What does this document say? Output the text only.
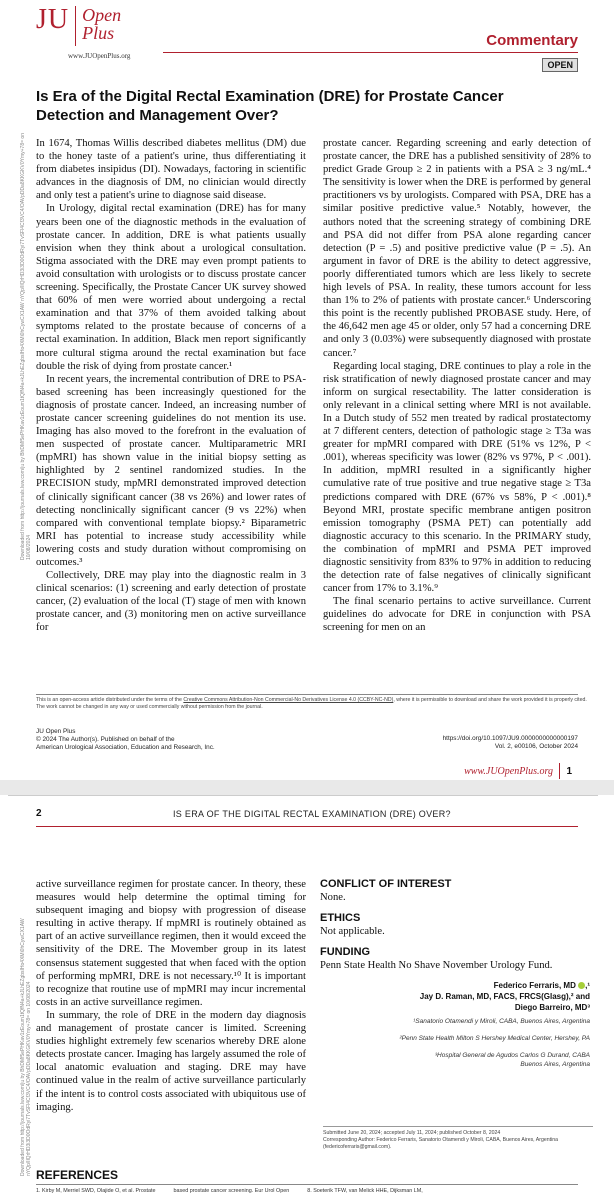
Downloaded from http://journals.lww.com/ju by BhDMf5ePHKav1zEoum1tQfN4a+kJLhEZgbsIHo4XMi0hCywCX1AW nYQp/IlQrHD3i3D0OdRyi7TvSFl4Cf3VC4/OAVpDDa8KKGKV0Ymy+78= on 10/08/2024
JU Open
Plus
www.JUOpenPlus.org
Commentary
OPEN
Is Era of the Digital Rectal Examination (DRE) for Prostate Cancer Detection and Management Over?

In 1674, Thomas Willis described diabetes mellitus (DM) due to the honey taste of a patient's urine, thus differentiating it from diabetes insipidus (DI). Nowadays, factoring in scientific advances in the diagnosis of DM, no clinician would directly and only test a patient's urine to diagnose said disease.

In Urology, digital rectal examination (DRE) has for many years been one of the diagnostic methods in the evaluation of prostate cancer. In addition, DRE is what patients usually envision when they think about a urological consultation. Stigma associated with the DRE may even prompt patients to avoid consultation with urologists or to discuss prostate cancer screening. Specifically, the Prostate Cancer UK survey showed that 60% of men were worried about undergoing a rectal examination and that 37% of them avoided talking about symptoms related to the prostate because of concerns of a rectal examination. In addition, Black men report significantly more cultural stigma around the rectal examination but face double the risk of dying from prostate cancer.¹

In recent years, the incremental contribution of DRE to PSA-based screening has been increasingly questioned for the diagnosis of prostate cancer. Indeed, an increasing number of prostate cancer screening guidelines do not mention its use. Imaging has also moved to the forefront in the evaluation of men suspected of prostate cancer. Multiparametric MRI (mpMRI) has shown value in the initial biopsy setting as highlighted by 2 sentinel randomized studies. In the PRECISION study, mpMRI demonstrated improved detection of clinically significant cancer (38 vs 26%) and lower rates of detecting nonclinically significant cancer (9 vs 22%) when compared with conventional template biopsy.² Biparametric MRI has potential to increase study accessibility while lowering costs and study duration without compromising on outcomes.³

Collectively, DRE may play into the diagnostic realm in 3 clinical scenarios: (1) screening and early detection of prostate cancer, (2) evaluation of the local (T) stage of men with known prostate cancer, and (3) monitoring men on active surveillance for

prostate cancer. Regarding screening and early detection of prostate cancer, the DRE has a published sensitivity of 28% to predict Grade Group ≥ 2 in patients with a PSA ≥ 3 ng/mL.⁴ The sensitivity is lower when the DRE is performed by general practitioners vs by urologists. Compared with PSA, DRE has a similar positive predictive value.⁵ Notably, however, the authors noted that the screening strategy of combining DRE and PSA did not differ from PSA alone regarding cancer detection (P = .5) and positive predictive value (P = .5). An argument in favor of DRE is the ability to detect aggressive, poorly differentiated tumors which are less likely to secrete high levels of PSA. In reality, these tumors account for less than 1% to 2% of patients with prostate cancer.⁶ Underscoring this point is the recently published PROBASE study. Here, of the 46,642 men age 45 or older, only 57 had a concerning DRE and only 3 (0.03%) were subsequently diagnosed with prostate cancer.⁷

Regarding local staging, DRE continues to play a role in the risk stratification of newly diagnosed prostate cancer and may inform on surgical resectability. The latter consideration is only relevant in a clinical setting where MRI is not available. In a Dutch study of 552 men treated by radical prostatectomy at 7 different centers, detection of pathologic stage ≥ T3a was greater for mpMRI compared with DRE (51% vs 12%, P < .001), whereas specificity was lower (82% vs 97%, P < .001). In addition, mpMRI resulted in a significantly higher cumulative rate of true positive and true negative stage ≥ T3a predictions compared with DRE (67% vs 58%, P < .001).⁸ Beyond MRI, prostate specific membrane antigen positron emission tomography (PSMA PET) can potentially add diagnostic accuracy to this scenario. In the PRIMARY study, the combination of mpMRI and PSMA PET improved diagnostic sensitivity from 83% to 97% in addition to reducing the detection rate of false negatives of clinically significant cancer from 17% to 3.1%.⁹

The final scenario pertains to active surveillance. Current guidelines do advocate for DRE in conjunction with PSA screening for men on an

This is an open-access article distributed under the terms of the Creative Commons Attribution-Non Commercial-No Derivatives License 4.0 (CCBY-NC-ND), where it is permissible to download and share the work provided it is properly cited. The work cannot be changed in any way or used commercially without permission from the journal.
JU Open Plus
© 2024 The Author(s). Published on behalf of the
American Urological Association, Education and Research, Inc.
https://doi.org/10.1097/JU9.0000000000000197
Vol. 2, e00106, October 2024
www.JUOpenPlus.org 1
Downloaded from http://journals.lww.com/ju by BhDMf5ePHKav1zEoum1tQfN4a+kJLhEZgbsIHo4XMi0hCywCX1AW nYQp/IlQrHD3i3D0OdRyi7TvSFl4Cf3VC4/OAVpDDa8KKGKV0Ymy+78= on 10/08/2024
2	IS ERA OF THE DIGITAL RECTAL EXAMINATION (DRE) OVER?

active surveillance regimen for prostate cancer. In theory, these measures would help determine the optimal timing for subsequent imaging and biopsy with progression of disease resulting in active therapy. If mpMRI is routinely obtained as part of an active surveillance regimen, then it would exceed the sensitivity of the DRE. The Movember group in its latest consensus statement suggested that when faced with the option of performing mpMRI, DRE is not necessary.¹⁰ It is important to recognize that routine use of mpMRI may incur incremental costs in an active surveillance regimen.

In summary, the role of DRE in the modern day diagnosis and management of prostate cancer is limited. Screening studies highlight extremely few scenarios whereby DRE alone detects prostate cancer. Imaging has largely assumed the role of local anatomic evaluation and staging. DRE may have continued value in the realm of active surveillance particularly if the intent is to control costs associated with ubiquitous use of imaging.

CONFLICT OF INTEREST

None.

ETHICS

Not applicable.

FUNDING

Penn State Health No Shave November Urology Fund.
Federico Ferraris, MD ,¹
Jay D. Raman, MD, FACS, FRCS(Glasg),² and
Diego Barreiro, MD³
¹Sanatorio Otamendi y Miroli, CABA, Buenos Aires, Argentina
²Penn State Health Milton S Hershey Medical Center, Hershey, PA
³Hospital General de Agudos Carlos G Durand, CABA
Buenos Aires, Argentina
Submitted June 20, 2024; accepted July 11, 2024; published October 8, 2024
Corresponding Author: Federico Ferraris, Sanatorio Otamendi y Miroli, CABA, Buenos Aires, Argentina (federicoferraris@gmail.com).
REFERENCES
1. Kirby M, Merriel SWD, Olajide O, et al. Prostate	based prostate cancer screening. Eur Urol Open	8. Soeterik TFW, van Melick HHE, Dijksman LM,
